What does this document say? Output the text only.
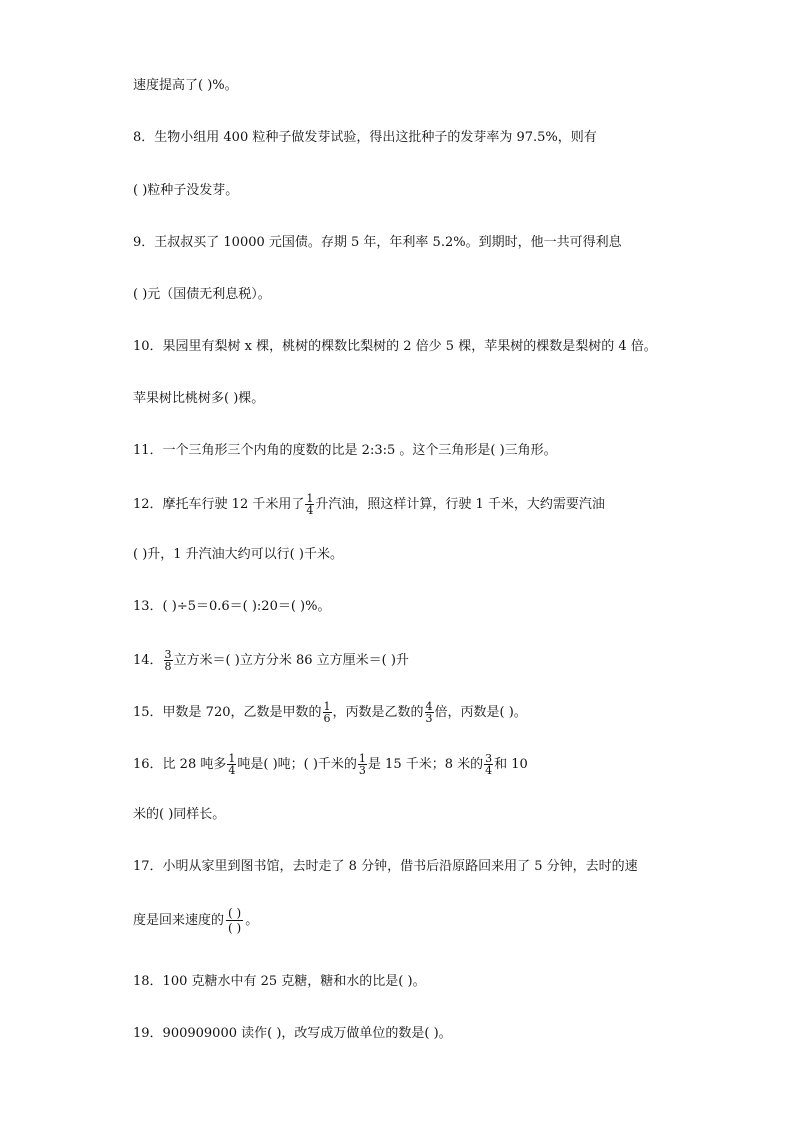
速度提高了( )%。
8．生物小组用 400 粒种子做发芽试验，得出这批种子的发芽率为 97.5%，则有
( )粒种子没发芽。
9．王叔叔买了 10000 元国债。存期 5 年，年利率 5.2%。到期时，他一共可得利息
( )元（国债无利息税）。
10．果园里有梨树 x 棵，桃树的棵数比梨树的 2 倍少 5 棵，苹果树的棵数是梨树的 4 倍。
苹果树比桃树多( )棵。
11．一个三角形三个内角的度数的比是 2:3:5 。这个三角形是( )三角形。
12．摩托车行驶 12 千米用了 $\frac{1}{4}$ 升汽油，照这样计算，行驶 1 千米，大约需要汽油
( )升，1 升汽油大约可以行( )千米。
13．( )÷5＝0.6＝( ):20＝( )%。
14． $\frac{3}{8}$ 立方米＝( )立方分米 86 立方厘米＝( )升
15．甲数是 720，乙数是甲数的 $\frac{1}{6}$ ，丙数是乙数的 $\frac{4}{3}$ 倍，丙数是( )。
16．比 28 吨多 $\frac{1}{4}$ 吨是( )吨；( )千米的 $\frac{1}{3}$ 是 15 千米；8 米的 $\frac{3}{4}$ 和 10
米的( )同样长。
17．小明从家里到图书馆，去时走了 8 分钟，借书后沿原路回来用了 5 分钟，去时的速
度是回来速度的 $\frac{( )}{( )}$ 。
18．100 克糖水中有 25 克糖，糖和水的比是( )。
19．900909000 读作( )，改写成万做单位的数是( )。
